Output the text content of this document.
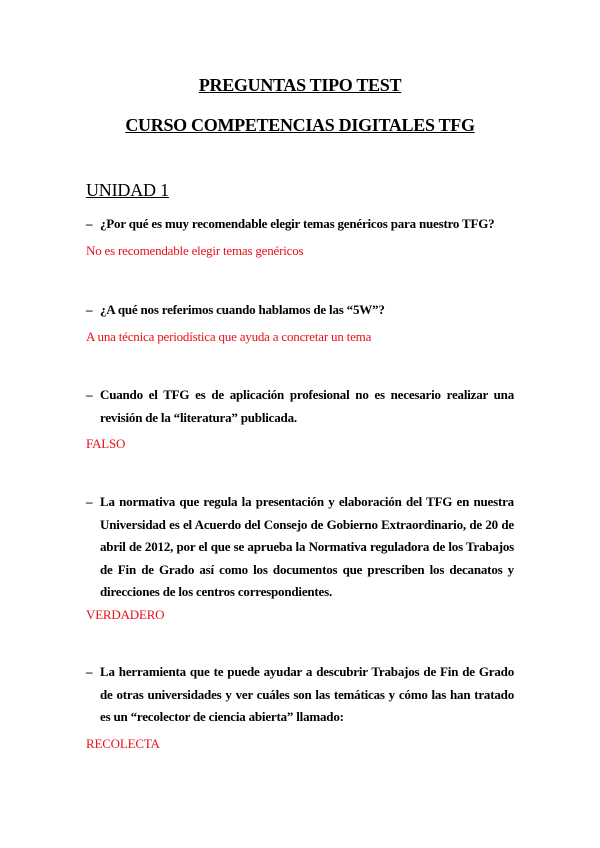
PREGUNTAS TIPO TEST
CURSO COMPETENCIAS DIGITALES TFG
UNIDAD 1
– ¿Por qué es muy recomendable elegir temas genéricos para nuestro TFG?
No es recomendable elegir temas genéricos
– ¿A qué nos referimos cuando hablamos de las “5W”?
A una técnica periodística que ayuda a concretar un tema
– Cuando el TFG es de aplicación profesional no es necesario realizar una revisión de la “literatura” publicada.
FALSO
– La normativa que regula la presentación y elaboración del TFG en nuestra Universidad es el Acuerdo del Consejo de Gobierno Extraordinario, de 20 de abril de 2012, por el que se aprueba la Normativa reguladora de los Trabajos de Fin de Grado así como los documentos que prescriben los decanatos y direcciones de los centros correspondientes.
VERDADERO
– La herramienta que te puede ayudar a descubrir Trabajos de Fin de Grado de otras universidades y ver cuáles son las temáticas y cómo las han tratado es un “recolector de ciencia abierta” llamado:
RECOLECTA
